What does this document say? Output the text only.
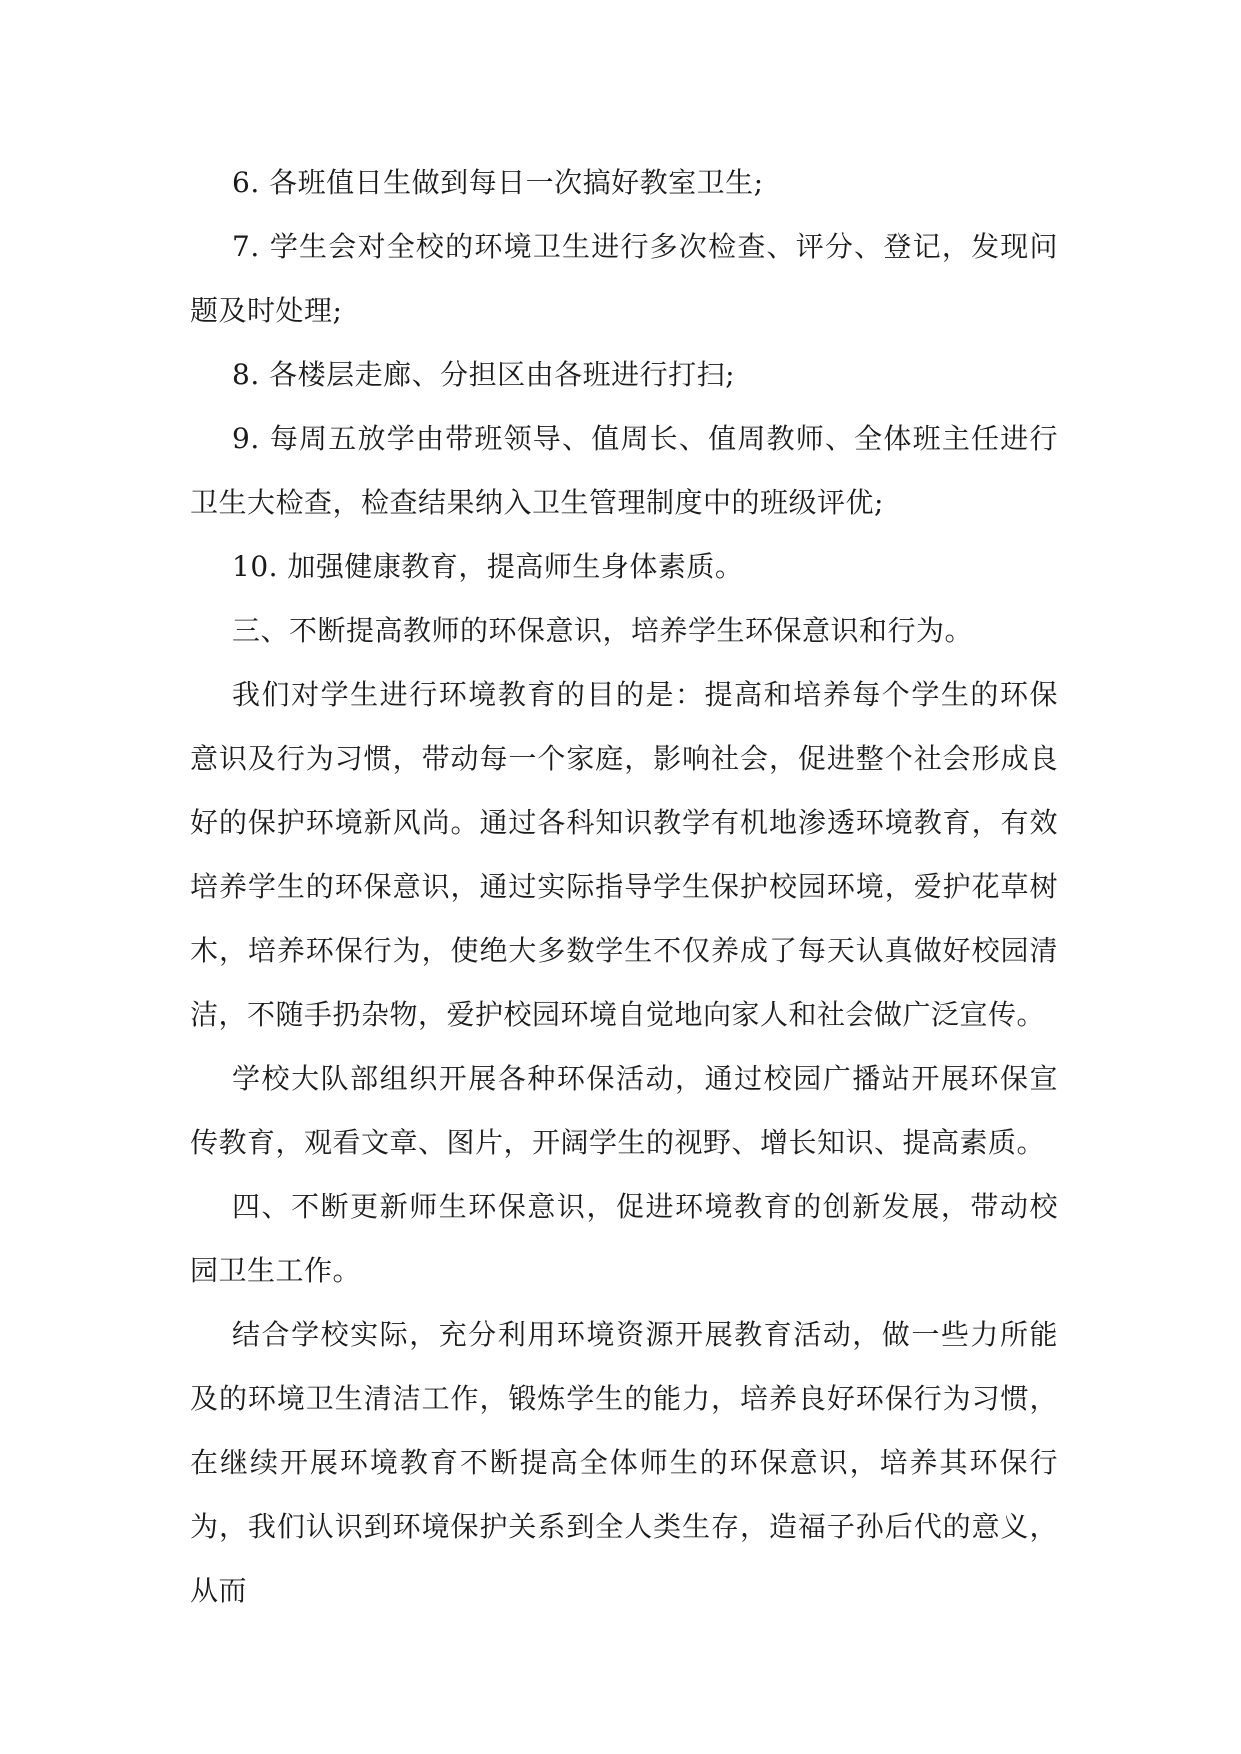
6. 各班值日生做到每日一次搞好教室卫生;

7. 学生会对全校的环境卫生进行多次检查、评分、登记，发现问题及时处理;

8. 各楼层走廊、分担区由各班进行打扫;

9. 每周五放学由带班领导、值周长、值周教师、全体班主任进行卫生大检查，检查结果纳入卫生管理制度中的班级评优;

10. 加强健康教育，提高师生身体素质。

三、不断提高教师的环保意识，培养学生环保意识和行为。

我们对学生进行环境教育的目的是：提高和培养每个学生的环保意识及行为习惯，带动每一个家庭，影响社会，促进整个社会形成良好的保护环境新风尚。通过各科知识教学有机地渗透环境教育，有效培养学生的环保意识，通过实际指导学生保护校园环境，爱护花草树木，培养环保行为，使绝大多数学生不仅养成了每天认真做好校园清洁，不随手扔杂物，爱护校园环境自觉地向家人和社会做广泛宣传。

学校大队部组织开展各种环保活动，通过校园广播站开展环保宣传教育，观看文章、图片，开阔学生的视野、增长知识、提高素质。

四、不断更新师生环保意识，促进环境教育的创新发展，带动校园卫生工作。

结合学校实际，充分利用环境资源开展教育活动，做一些力所能及的环境卫生清洁工作，锻炼学生的能力，培养良好环保行为习惯，在继续开展环境教育不断提高全体师生的环保意识，培养其环保行为，我们认识到环境保护关系到全人类生存，造福子孙后代的意义，从而
